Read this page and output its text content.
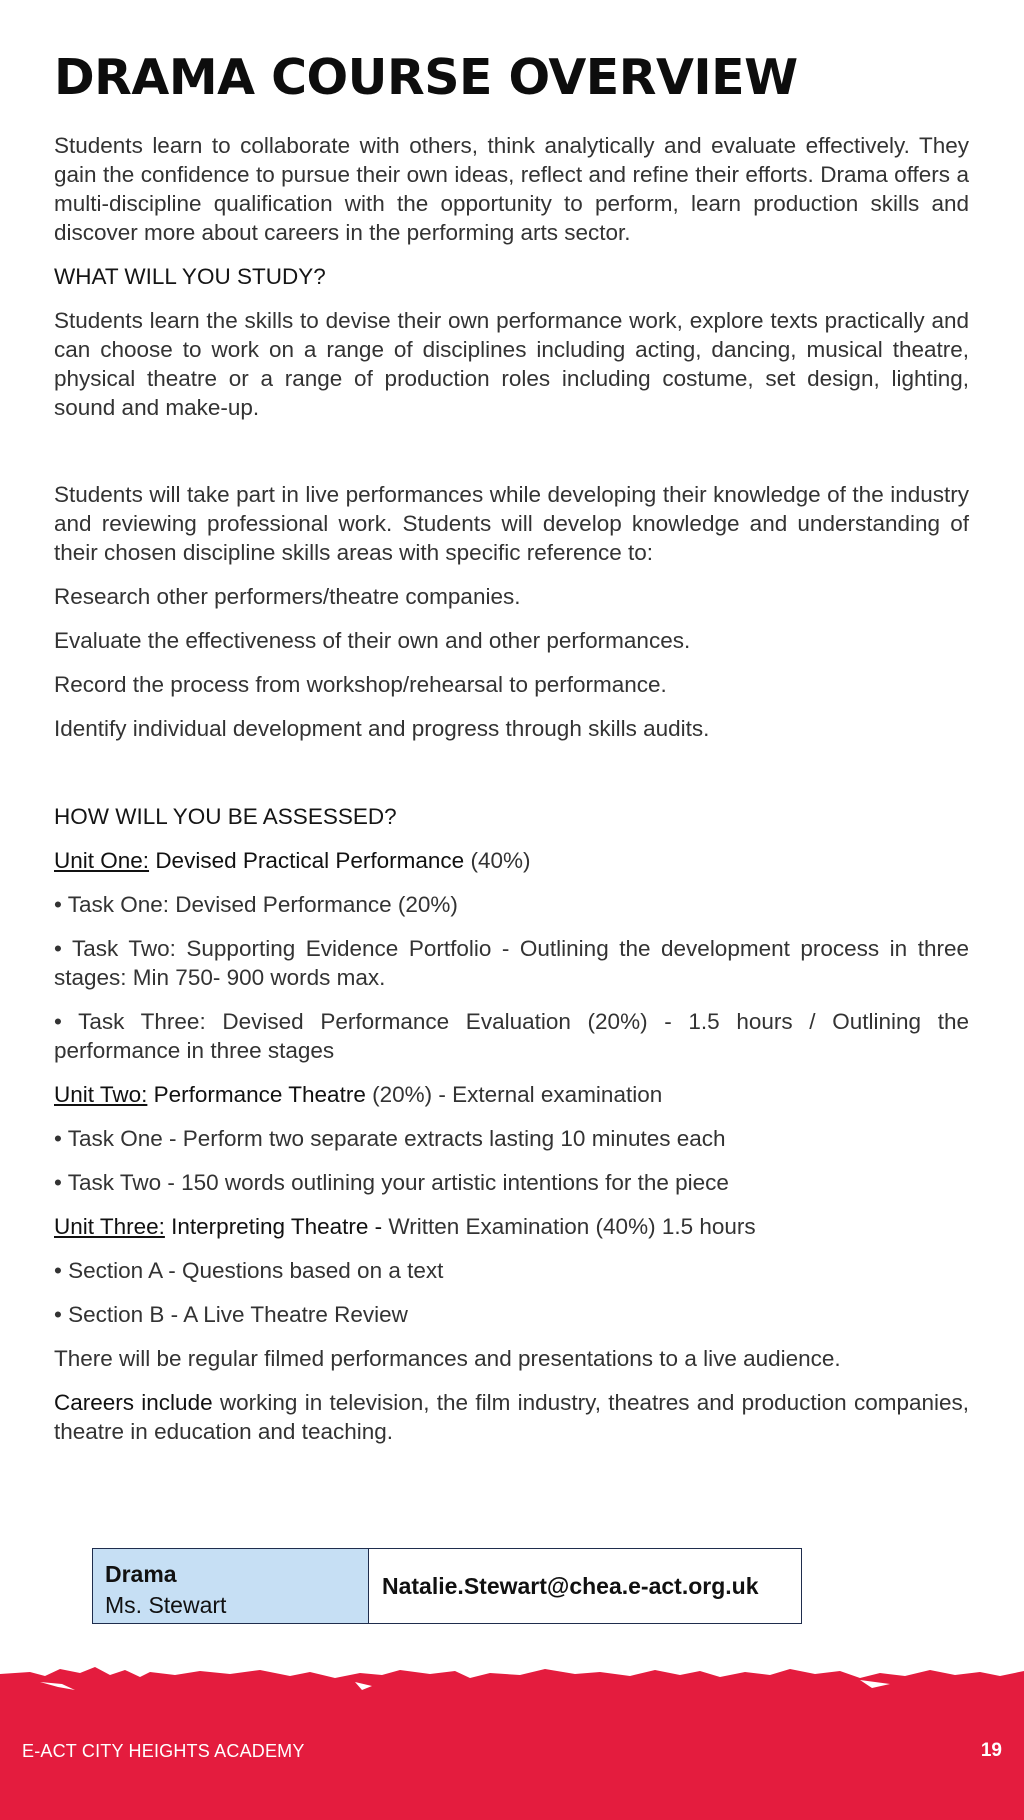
DRAMA COURSE OVERVIEW

Students learn to collaborate with others, think analytically and evaluate effectively. They gain the confidence to pursue their own ideas, reflect and refine their efforts. Drama offers a multi-discipline qualification with the opportunity to perform, learn production skills and discover more about careers in the performing arts sector.

WHAT WILL YOU STUDY?

Students learn the skills to devise their own performance work, explore texts practically and can choose to work on a range of disciplines including acting, dancing, musical theatre, physical theatre or a range of production roles including costume, set design, lighting, sound and make-up.

Students will take part in live performances while developing their knowledge of the industry and reviewing professional work. Students will develop knowledge and understanding of their chosen discipline skills areas with specific reference to:

Research other performers/theatre companies.

Evaluate the effectiveness of their own and other performances.

Record the process from workshop/rehearsal to performance.

Identify individual development and progress through skills audits.

HOW WILL YOU BE ASSESSED?

Unit One: Devised Practical Performance (40%)

• Task One: Devised Performance (20%)

• Task Two: Supporting Evidence Portfolio - Outlining the development process in three stages: Min 750- 900 words max.

• Task Three: Devised Performance Evaluation (20%) - 1.5 hours / Outlining the performance in three stages

Unit Two: Performance Theatre (20%) - External examination

• Task One - Perform two separate extracts lasting 10 minutes each

• Task Two - 150 words outlining your artistic intentions for the piece

Unit Three: Interpreting Theatre - Written Examination (40%) 1.5 hours

• Section A - Questions based on a text

• Section B - A Live Theatre Review

There will be regular filmed performances and presentations to a live audience.

Careers include working in television, the film industry, theatres and production companies, theatre in education and teaching.

Drama
Ms. Stewart
Natalie.Stewart@chea.e-act.org.uk
E-ACT CITY HEIGHTS ACADEMY	19
